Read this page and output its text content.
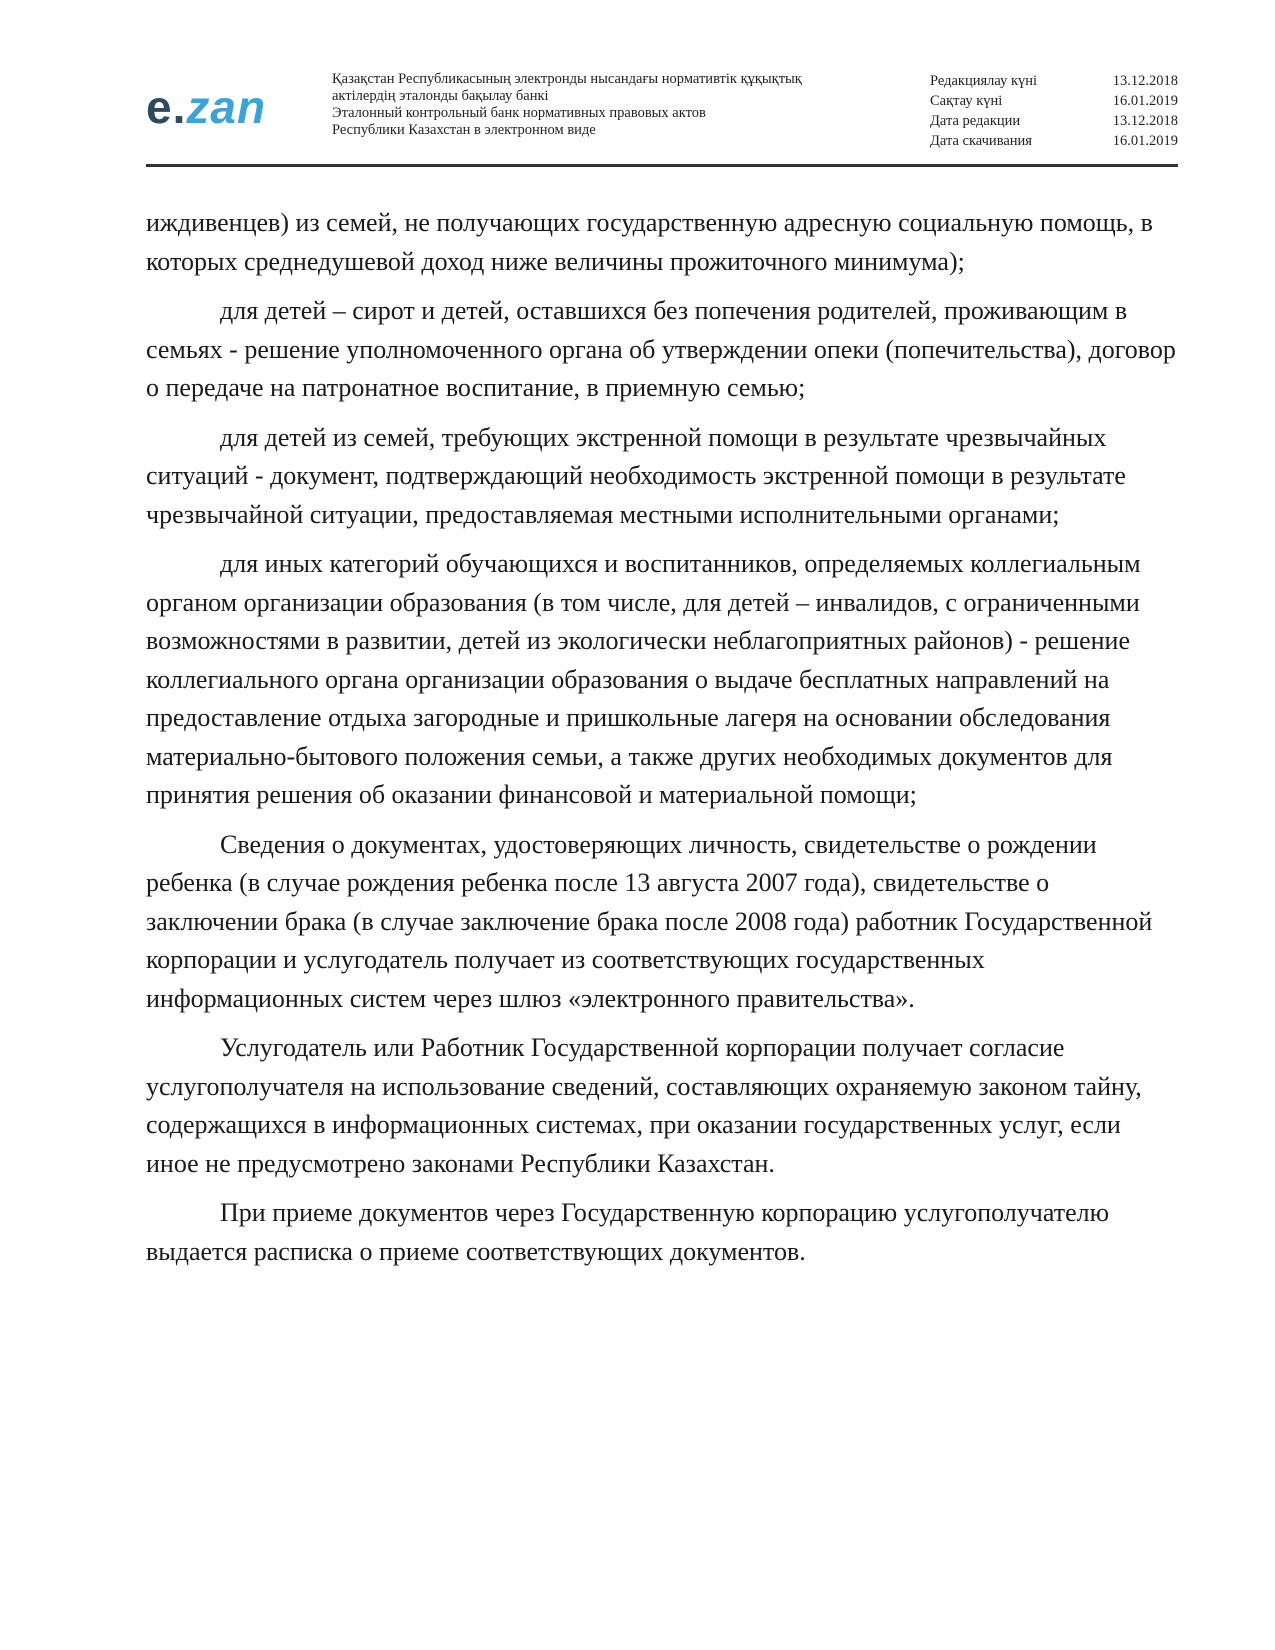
e.zan
Қазақстан Республикасының электронды нысандағы нормативтік құқықтық
актілердің эталонды бақылау банкі
Эталонный контрольный банк нормативных правовых актов
Республики Казахстан в электронном виде
Редакциялау күні	13.12.2018
Сақтау күні	16.01.2019
Дата редакции	13.12.2018
Дата скачивания	16.01.2019

иждивенцев) из семей, не получающих государственную адресную социальную помощь, в которых среднедушевой доход ниже величины прожиточного минимума);

для детей – сирот и детей, оставшихся без попечения родителей, проживающим в семьях - решение уполномоченного органа об утверждении опеки (попечительства), договор о передаче на патронатное воспитание, в приемную семью;

для детей из семей, требующих экстренной помощи в результате чрезвычайных ситуаций - документ, подтверждающий необходимость экстренной помощи в результате чрезвычайной ситуации, предоставляемая местными исполнительными органами;

для иных категорий обучающихся и воспитанников, определяемых коллегиальным органом организации образования (в том числе, для детей – инвалидов, с ограниченными возможностями в развитии, детей из экологически неблагоприятных районов) - решение коллегиального органа организации образования о выдаче бесплатных направлений на предоставление отдыха загородные и пришкольные лагеря на основании обследования материально-бытового положения семьи, а также других необходимых документов для принятия решения об оказании финансовой и материальной помощи;

Сведения о документах, удостоверяющих личность, свидетельстве о рождении ребенка (в случае рождения ребенка после 13 августа 2007 года), свидетельстве о заключении брака (в случае заключение брака после 2008 года) работник Государственной корпорации и услугодатель получает из соответствующих государственных информационных систем через шлюз «электронного правительства».

Услугодатель или Работник Государственной корпорации получает согласие услугополучателя на использование сведений, составляющих охраняемую законом тайну, содержащихся в информационных системах, при оказании государственных услуг, если иное не предусмотрено законами Республики Казахстан.

При приеме документов через Государственную корпорацию услугополучателю выдается расписка о приеме соответствующих документов.
